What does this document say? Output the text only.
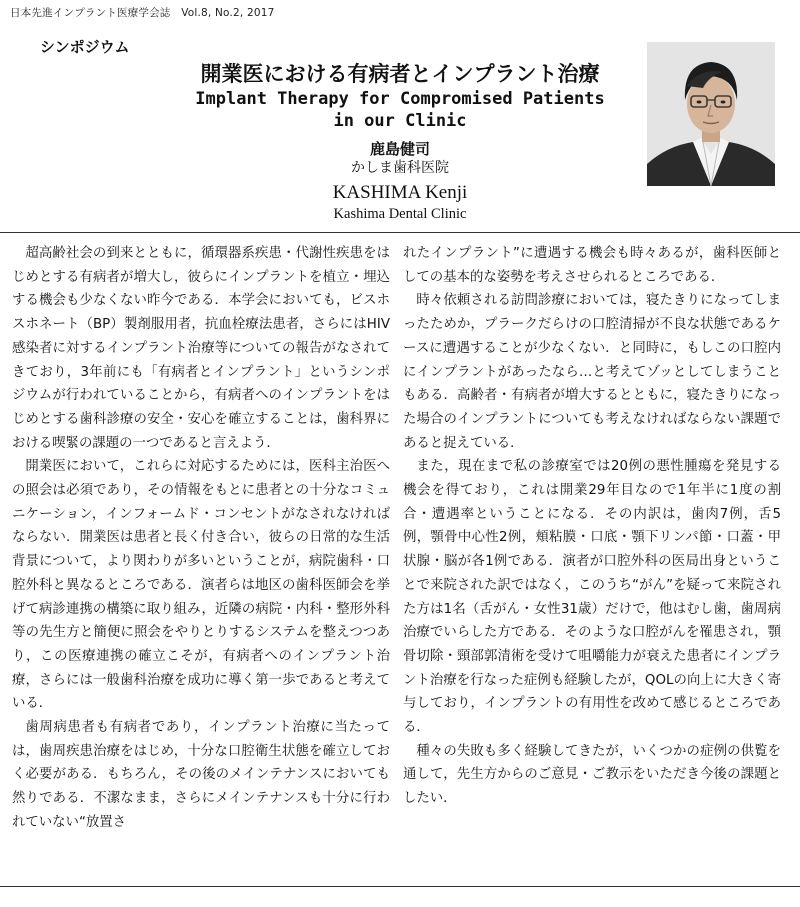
日本先進インプラント医療学会誌　Vol.8, No.2, 2017
シンポジウム
開業医における有病者とインプラント治療
Implant Therapy for Compromised Patients
in our Clinic
鹿島健司
かしま歯科医院
KASHIMA Kenji
Kashima Dental Clinic

超高齢社会の到来とともに，循環器系疾患・代謝性疾患をはじめとする有病者が増大し，彼らにインプラントを植立・埋込する機会も少なくない昨今である．本学会においても，ビスホスホネート（BP）製剤服用者，抗血栓療法患者，さらにはHIV感染者に対するインプラント治療等についての報告がなされてきており，3年前にも「有病者とインプラント」というシンポジウムが行われていることから，有病者へのインプラントをはじめとする歯科診療の安全・安心を確立することは，歯科界における喫緊の課題の一つであると言えよう．

開業医において，これらに対応するためには，医科主治医への照会は必須であり，その情報をもとに患者との十分なコミュニケーション，インフォームド・コンセントがなされなければならない．開業医は患者と長く付き合い，彼らの日常的な生活背景について，より関わりが多いということが，病院歯科・口腔外科と異なるところである．演者らは地区の歯科医師会を挙げて病診連携の構築に取り組み，近隣の病院・内科・整形外科等の先生方と簡便に照会をやりとりするシステムを整えつつあり，この医療連携の確立こそが，有病者へのインプラント治療，さらには一般歯科治療を成功に導く第一歩であると考えている．

歯周病患者も有病者であり，インプラント治療に当たっては，歯周疾患治療をはじめ，十分な口腔衛生状態を確立しておく必要がある．もちろん，その後のメインテナンスにおいても然りである．不潔なまま，さらにメインテナンスも十分に行われていない“放置さ

れたインプラント”に遭遇する機会も時々あるが，歯科医師としての基本的な姿勢を考えさせられるところである．

時々依頼される訪問診療においては，寝たきりになってしまったためか，プラークだらけの口腔清掃が不良な状態であるケースに遭遇することが少なくない．と同時に，もしこの口腔内にインプラントがあったなら…と考えてゾッとしてしまうこともある．高齢者・有病者が増大するとともに，寝たきりになった場合のインプラントについても考えなければならない課題であると捉えている．

また，現在まで私の診療室では20例の悪性腫瘍を発見する機会を得ており，これは開業29年目なので1年半に1度の割合・遭遇率ということになる．その内訳は，歯肉7例，舌5例，顎骨中心性2例，頬粘膜・口底・顎下リンパ節・口蓋・甲状腺・脳が各1例である．演者が口腔外科の医局出身ということで来院された訳ではなく，このうち“がん”を疑って来院された方は1名（舌がん・女性31歳）だけで，他はむし歯，歯周病治療でいらした方である．そのような口腔がんを罹患され，顎骨切除・頸部郭清術を受けて咀嚼能力が衰えた患者にインプラント治療を行なった症例も経験したが，QOLの向上に大きく寄与しており，インプラントの有用性を改めて感じるところである．

種々の失敗も多く経験してきたが，いくつかの症例の供覧を通して，先生方からのご意見・ご教示をいただき今後の課題としたい．
